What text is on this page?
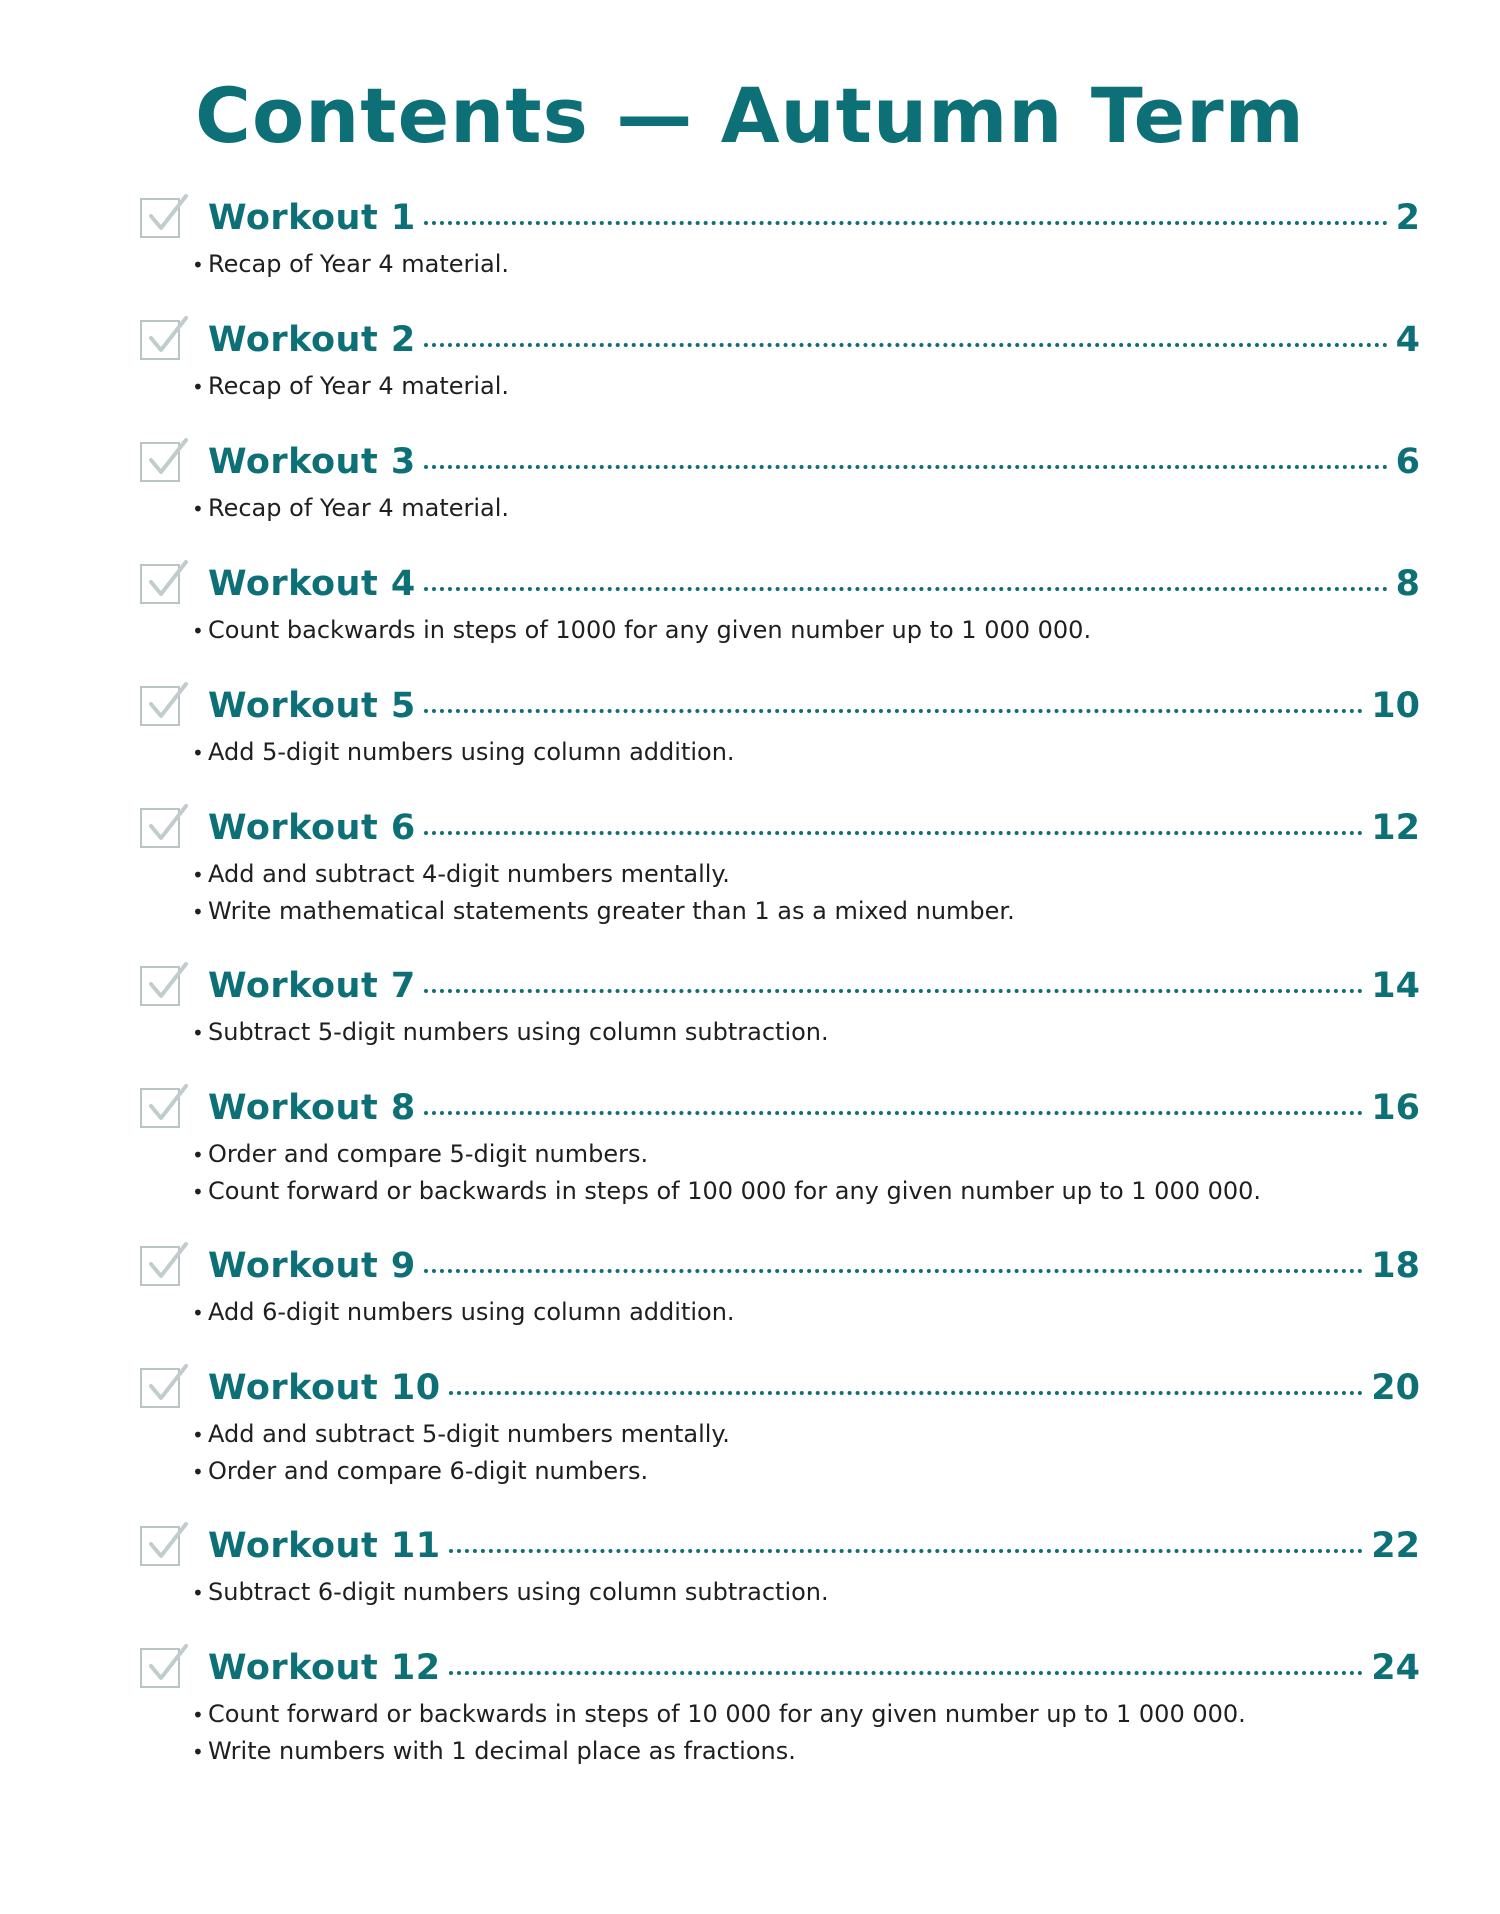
Contents — Autumn Term
Workout 1	2
• Recap of Year 4 material.
Workout 2	4
• Recap of Year 4 material.
Workout 3	6
• Recap of Year 4 material.
Workout 4	8
• Count backwards in steps of 1000 for any given number up to 1 000 000.
Workout 5	10
• Add 5-digit numbers using column addition.
Workout 6	12
• Add and subtract 4-digit numbers mentally.
• Write mathematical statements greater than 1 as a mixed number.
Workout 7	14
• Subtract 5-digit numbers using column subtraction.
Workout 8	16
• Order and compare 5-digit numbers.
• Count forward or backwards in steps of 100 000 for any given number up to 1 000 000.
Workout 9	18
• Add 6-digit numbers using column addition.
Workout 10	20
• Add and subtract 5-digit numbers mentally.
• Order and compare 6-digit numbers.
Workout 11	22
• Subtract 6-digit numbers using column subtraction.
Workout 12	24
• Count forward or backwards in steps of 10 000 for any given number up to 1 000 000.
• Write numbers with 1 decimal place as fractions.
